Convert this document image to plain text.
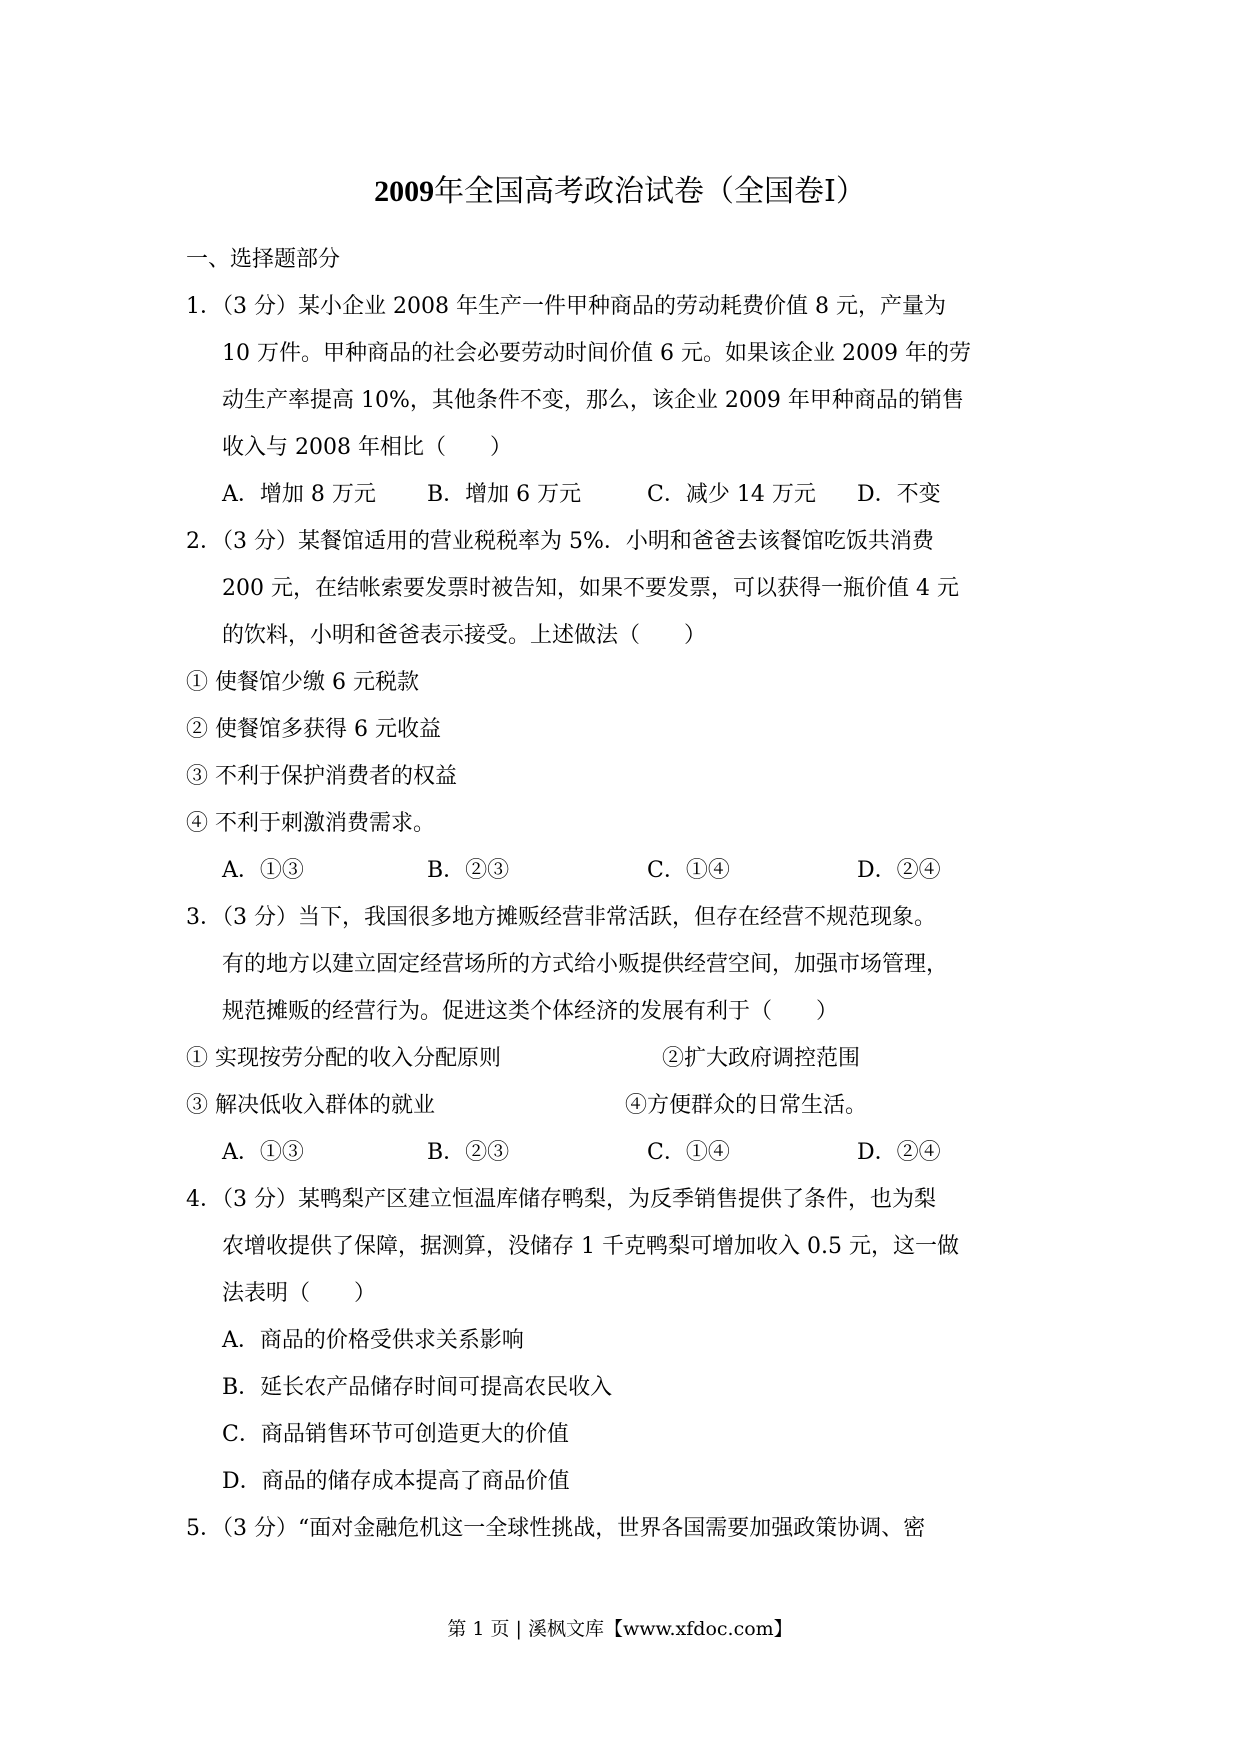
2009年全国高考政治试卷（全国卷Ⅰ）
一、选择题部分
1．（3 分）某小企业 2008 年生产一件甲种商品的劳动耗费价值 8 元，产量为
10 万件。甲种商品的社会必要劳动时间价值 6 元。如果该企业 2009 年的劳
动生产率提高 10%，其他条件不变，那么，该企业 2009 年甲种商品的销售
收入与 2008 年相比（　　）
A．增加 8 万元 B．增加 6 万元	C．减少 14 万元 D．不变
2．（3 分）某餐馆适用的营业税税率为 5%．小明和爸爸去该餐馆吃饭共消费
200 元，在结帐索要发票时被告知，如果不要发票，可以获得一瓶价值 4 元
的饮料，小明和爸爸表示接受。上述做法（　　）
① 使餐馆少缴 6 元税款
② 使餐馆多获得 6 元收益
③ 不利于保护消费者的权益
④ 不利于刺激消费需求。
A．①③	B．②③	C．①④	D．②④
3．（3 分）当下，我国很多地方摊贩经营非常活跃，但存在经营不规范现象。
有的地方以建立固定经营场所的方式给小贩提供经营空间，加强市场管理，
规范摊贩的经营行为。促进这类个体经济的发展有利于（　　）
① 实现按劳分配的收入分配原则	②扩大政府调控范围
③ 解决低收入群体的就业	④方便群众的日常生活。
A．①③	B．②③	C．①④	D．②④
4．（3 分）某鸭梨产区建立恒温库储存鸭梨，为反季销售提供了条件，也为梨
农增收提供了保障，据测算，没储存 1 千克鸭梨可增加收入 0.5 元，这一做
法表明（　　）
A．商品的价格受供求关系影响
B．延长农产品储存时间可提高农民收入
C．商品销售环节可创造更大的价值
D．商品的储存成本提高了商品价值
5．（3 分）“面对金融危机这一全球性挑战，世界各国需要加强政策协调、密
第 1 页 | 溪枫文库【www.xfdoc.com】
